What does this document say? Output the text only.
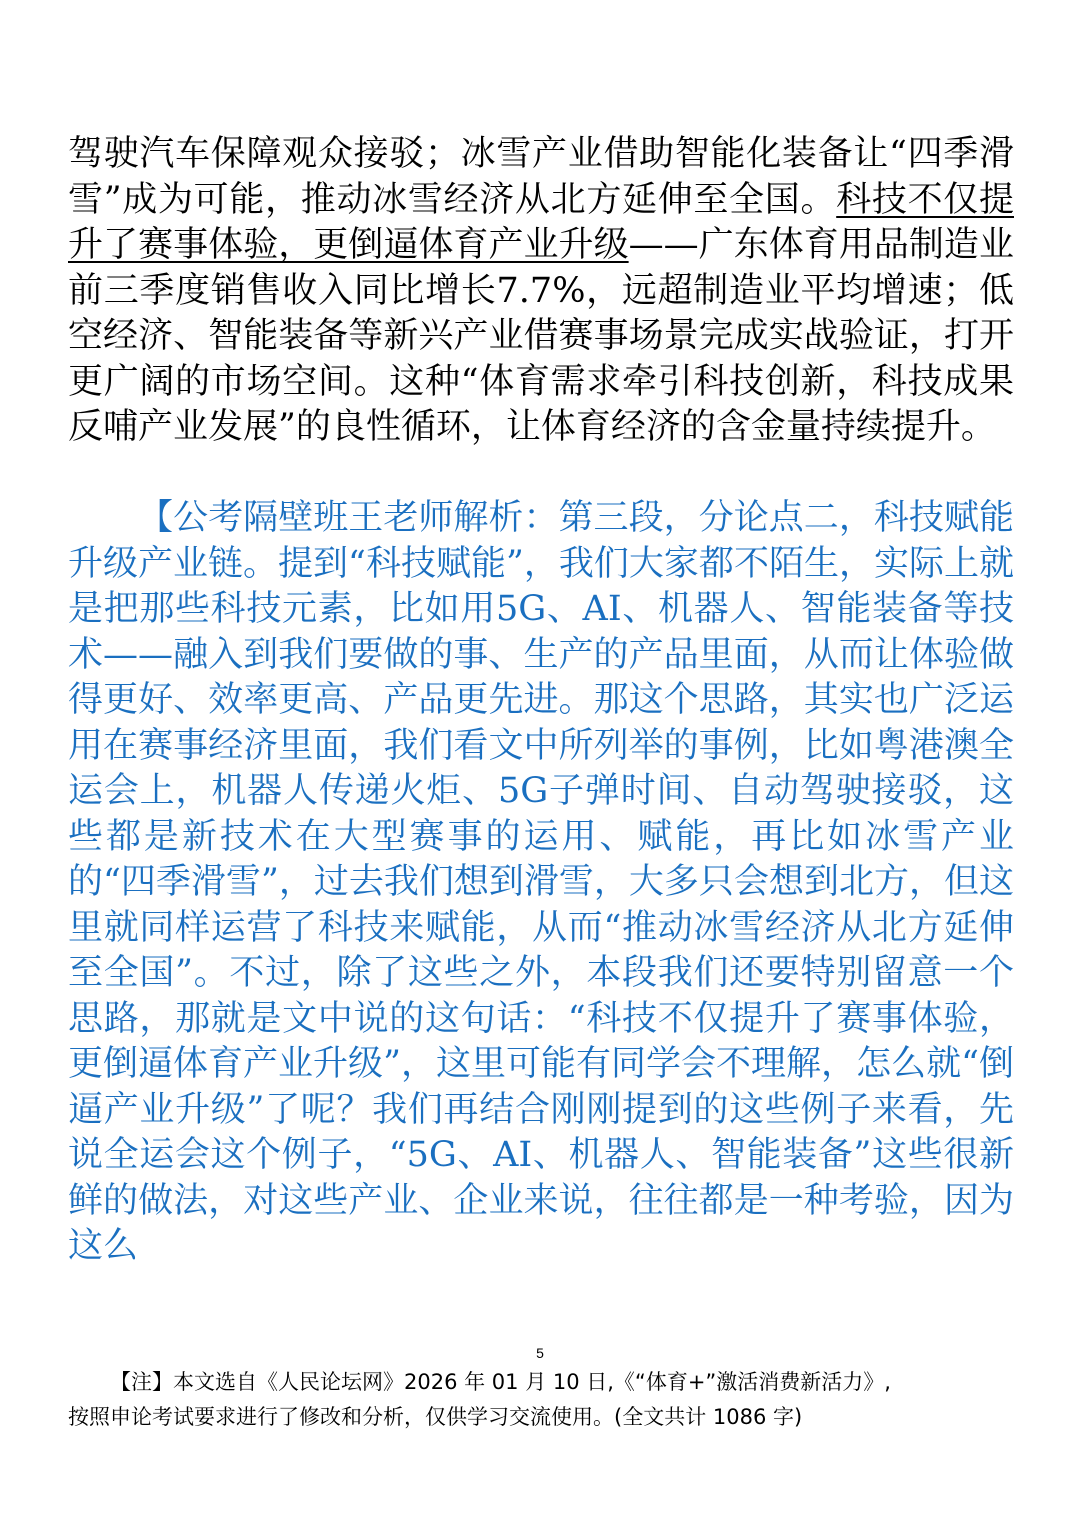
驾驶汽车保障观众接驳；冰雪产业借助智能化装备让“四季滑雪”成为可能，推动冰雪经济从北方延伸至全国。科技不仅提升了赛事体验，更倒逼体育产业升级——广东体育用品制造业前三季度销售收入同比增长7.7%，远超制造业平均增速；低空经济、智能装备等新兴产业借赛事场景完成实战验证，打开更广阔的市场空间。这种“体育需求牵引科技创新，科技成果反哺产业发展”的良性循环，让体育经济的含金量持续提升。

【公考隔壁班王老师解析：第三段，分论点二，科技赋能升级产业链。提到“科技赋能”，我们大家都不陌生，实际上就是把那些科技元素，比如用5G、AI、机器人、智能装备等技术——融入到我们要做的事、生产的产品里面，从而让体验做得更好、效率更高、产品更先进。那这个思路，其实也广泛运用在赛事经济里面，我们看文中所列举的事例，比如粤港澳全运会上，机器人传递火炬、5G子弹时间、自动驾驶接驳，这些都是新技术在大型赛事的运用、赋能，再比如冰雪产业的“四季滑雪”，过去我们想到滑雪，大多只会想到北方，但这里就同样运营了科技来赋能，从而“推动冰雪经济从北方延伸至全国”。不过，除了这些之外，本段我们还要特别留意一个思路，那就是文中说的这句话：“科技不仅提升了赛事体验，更倒逼体育产业升级”，这里可能有同学会不理解，怎么就“倒逼产业升级”了呢？我们再结合刚刚提到的这些例子来看，先说全运会这个例子，“5G、AI、机器人、智能装备”这些很新鲜的做法，对这些产业、企业来说，往往都是一种考验，因为这么

5
【注】本文选自《人民论坛网》2026 年 01 月 10 日,《“体育+”激活消费新活力》,
按照申论考试要求进行了修改和分析，仅供学习交流使用。(全文共计 1086 字)
